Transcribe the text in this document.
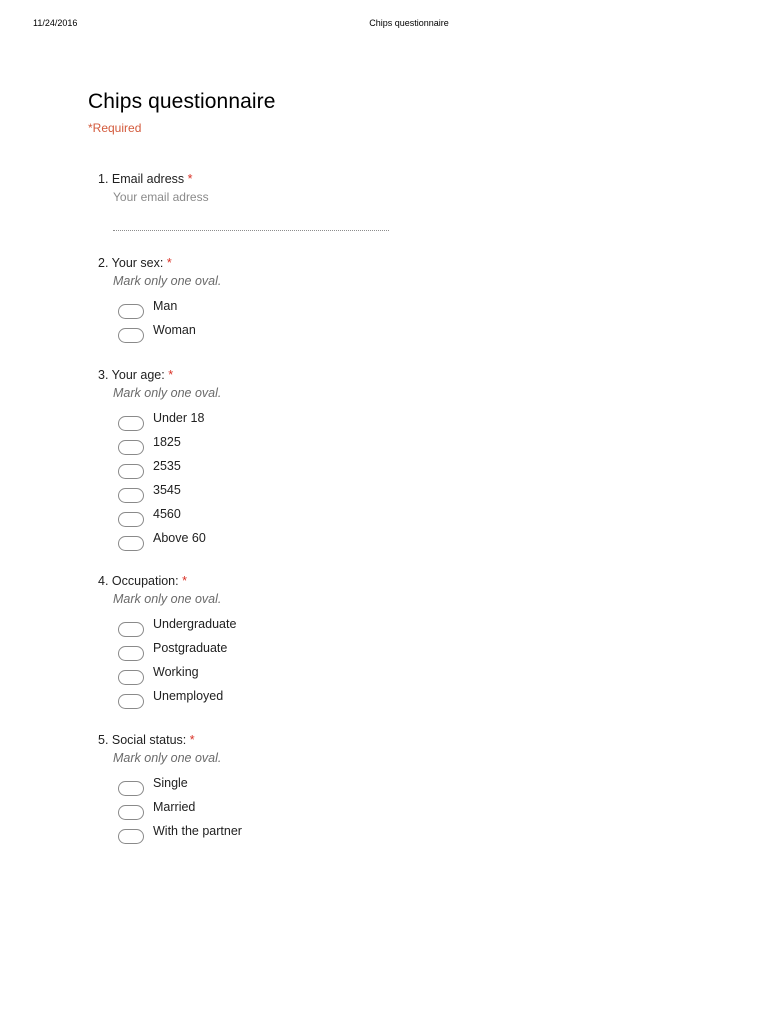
11/24/2016	Chips questionnaire
Chips questionnaire
*Required
1. Email adress *
Your email adress
2. Your sex: *
Mark only one oval.
Man
Woman
3. Your age: *
Mark only one oval.
Under 18
1825
2535
3545
4560
Above 60
4. Occupation: *
Mark only one oval.
Undergraduate
Postgraduate
Working
Unemployed
5. Social status: *
Mark only one oval.
Single
Married
With the partner
